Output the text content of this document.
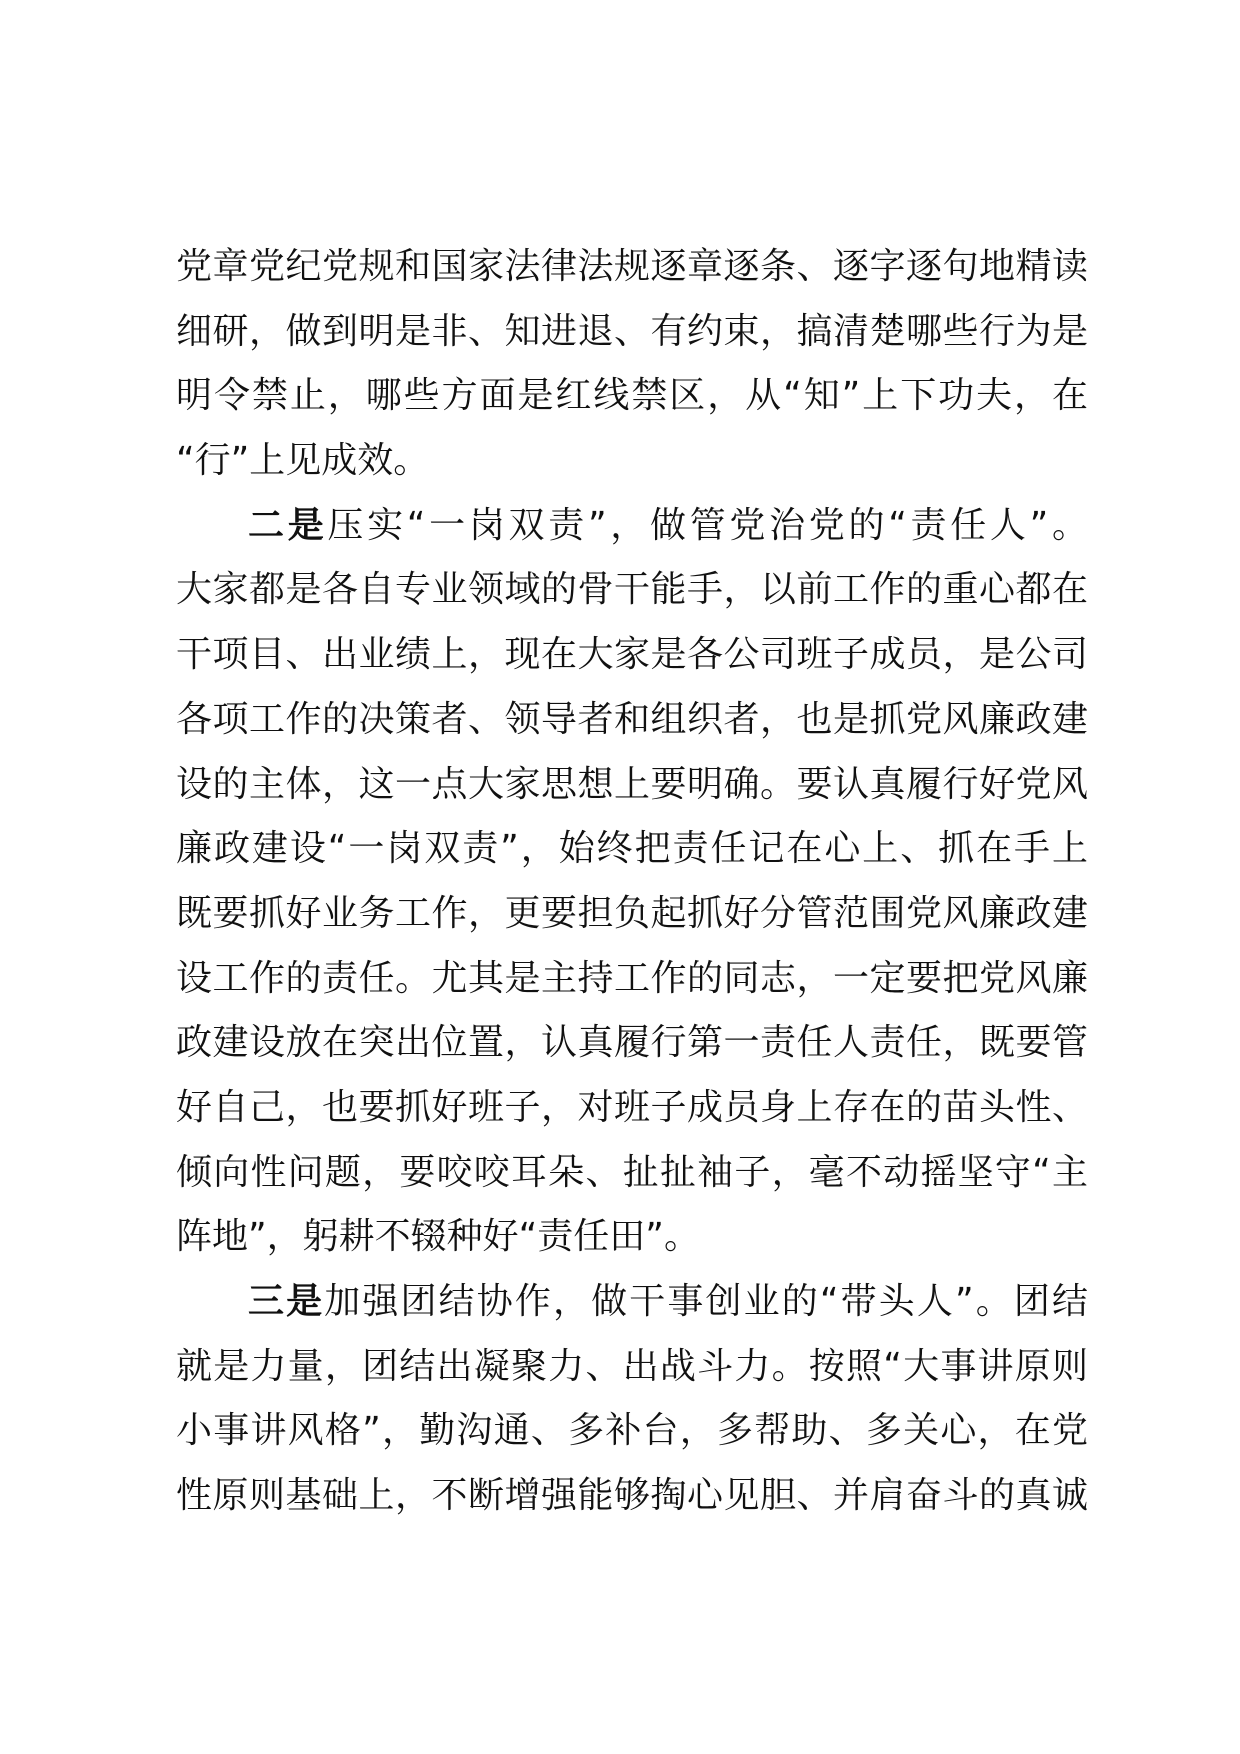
党章党纪党规和国家法律法规逐章逐条、逐字逐句地精读
细研，做到明是非、知进退、有约束，搞清楚哪些行为是
明令禁止，哪些方面是红线禁区，从“知”上下功夫，在
“行”上见成效。
二是压实“一岗双责”，做管党治党的“责任人”。
大家都是各自专业领域的骨干能手，以前工作的重心都在
干项目、出业绩上，现在大家是各公司班子成员，是公司
各项工作的决策者、领导者和组织者，也是抓党风廉政建
设的主体，这一点大家思想上要明确。要认真履行好党风
廉政建设“一岗双责”，始终把责任记在心上、抓在手上
既要抓好业务工作，更要担负起抓好分管范围党风廉政建
设工作的责任。尤其是主持工作的同志，一定要把党风廉
政建设放在突出位置，认真履行第一责任人责任，既要管
好自己，也要抓好班子，对班子成员身上存在的苗头性、
倾向性问题，要咬咬耳朵、扯扯袖子，毫不动摇坚守“主
阵地”，躬耕不辍种好“责任田”。
三是加强团结协作，做干事创业的“带头人”。团结
就是力量，团结出凝聚力、出战斗力。按照“大事讲原则
小事讲风格”，勤沟通、多补台，多帮助、多关心，在党
性原则基础上，不断增强能够掏心见胆、并肩奋斗的真诚
